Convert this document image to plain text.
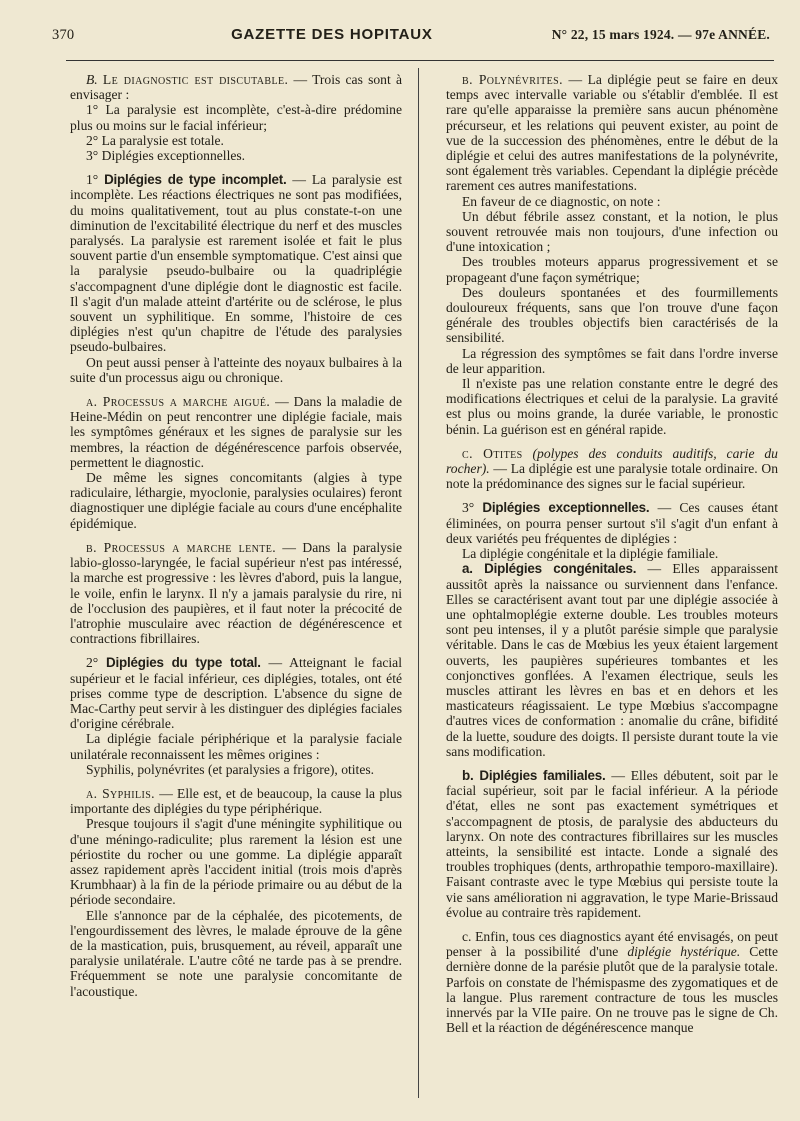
370	GAZETTE DES HOPITAUX	N° 22, 15 mars 1924. — 97e ANNÉE.

B. Le diagnostic est discutable. — Trois cas sont à envisager :

1° La paralysie est incomplète, c'est-à-dire prédomine plus ou moins sur le facial inférieur;

2° La paralysie est totale.

3° Diplégies exceptionnelles.

1° Diplégies de type incomplet. — La paralysie est incomplète. Les réactions électriques ne sont pas modifiées, du moins qualitativement, tout au plus constate-t-on une diminution de l'excitabilité électrique du nerf et des muscles paralysés. La paralysie est rarement isolée et fait le plus souvent partie d'un ensemble symptomatique. C'est ainsi que la paralysie pseudo-bulbaire ou la quadriplégie s'accompagnent d'une diplégie dont le diagnostic est facile. Il s'agit d'un malade atteint d'artérite ou de sclérose, le plus souvent un syphilitique. En somme, l'histoire de ces diplégies n'est qu'un chapitre de l'étude des paralysies pseudo-bulbaires.

On peut aussi penser à l'atteinte des noyaux bulbaires à la suite d'un processus aigu ou chronique.

a. Processus a marche aigué. — Dans la maladie de Heine-Médin on peut rencontrer une diplégie faciale, mais les symptômes généraux et les signes de paralysie sur les membres, la réaction de dégénérescence parfois observée, permettent le diagnostic.

De même les signes concomitants (algies à type radiculaire, léthargie, myoclonie, paralysies oculaires) feront diagnostiquer une diplégie faciale au cours d'une encéphalite épidémique.

b. Processus a marche lente. — Dans la paralysie labio-glosso-laryngée, le facial supérieur n'est pas intéressé, la marche est progressive : les lèvres d'abord, puis la langue, le voile, enfin le larynx. Il n'y a jamais paralysie du rire, ni de l'occlusion des paupières, et il faut noter la précocité de l'atrophie musculaire avec réaction de dégénérescence et contractions fibrillaires.

2° Diplégies du type total. — Atteignant le facial supérieur et le facial inférieur, ces diplégies, totales, ont été prises comme type de description. L'absence du signe de Mac-Carthy peut servir à les distinguer des diplégies faciales d'origine cérébrale.

La diplégie faciale périphérique et la paralysie faciale unilatérale reconnaissent les mêmes origines :

Syphilis, polynévrites (et paralysies a frigore), otites.

a. Syphilis. — Elle est, et de beaucoup, la cause la plus importante des diplégies du type périphérique.

Presque toujours il s'agit d'une méningite syphilitique ou d'une méningo-radiculite; plus rarement la lésion est une périostite du rocher ou une gomme. La diplégie apparaît assez rapidement après l'accident initial (trois mois d'après Krumbhaar) à la fin de la période primaire ou au début de la période secondaire.

Elle s'annonce par de la céphalée, des picotements, de l'engourdissement des lèvres, le malade éprouve de la gêne de la mastication, puis, brusquement, au réveil, apparaît une paralysie unilatérale. L'autre côté ne tarde pas à se prendre. Fréquemment se note une paralysie concomitante de l'acoustique.

b. Polynévrites. — La diplégie peut se faire en deux temps avec intervalle variable ou s'établir d'emblée. Il est rare qu'elle apparaisse la première sans aucun phénomène précurseur, et les relations qui peuvent exister, au point de vue de la succession des phénomènes, entre le début de la diplégie et celui des autres manifestations de la polynévrite, sont également très variables. Cependant la diplégie précède rarement ces autres manifestations.

En faveur de ce diagnostic, on note :

Un début fébrile assez constant, et la notion, le plus souvent retrouvée mais non toujours, d'une infection ou d'une intoxication ;

Des troubles moteurs apparus progressivement et se propageant d'une façon symétrique;

Des douleurs spontanées et des fourmillements douloureux fréquents, sans que l'on trouve d'une façon générale des troubles objectifs bien caractérisés de la sensibilité.

La régression des symptômes se fait dans l'ordre inverse de leur apparition.

Il n'existe pas une relation constante entre le degré des modifications électriques et celui de la paralysie. La gravité est plus ou moins grande, la durée variable, le pronostic bénin. La guérison est en général rapide.

c. Otites (polypes des conduits auditifs, carie du rocher). — La diplégie est une paralysie totale ordinaire. On note la prédominance des signes sur le facial supérieur.

3° Diplégies exceptionnelles. — Ces causes étant éliminées, on pourra penser surtout s'il s'agit d'un enfant à deux variétés peu fréquentes de diplégies :

La diplégie congénitale et la diplégie familiale.

a. Diplégies congénitales. — Elles apparaissent aussitôt après la naissance ou surviennent dans l'enfance. Elles se caractérisent avant tout par une diplégie associée à une ophtalmoplégie externe double. Les troubles moteurs sont peu intenses, il y a plutôt parésie simple que paralysie véritable. Dans le cas de Mœbius les yeux étaient largement ouverts, les paupières supérieures tombantes et les conjonctives gonflées. A l'examen électrique, seuls les muscles attirant les lèvres en bas et en dehors et les masticateurs réagissaient. Le type Mœbius s'accompagne d'autres vices de conformation : anomalie du crâne, bifidité de la luette, soudure des doigts. Il persiste durant toute la vie sans modification.

b. Diplégies familiales. — Elles débutent, soit par le facial supérieur, soit par le facial inférieur. A la période d'état, elles ne sont pas exactement symétriques et s'accompagnent de ptosis, de paralysie des abducteurs du larynx. On note des contractures fibrillaires sur les muscles atteints, la sensibilité est intacte. Londe a signalé des troubles trophiques (dents, arthropathie temporo-maxillaire). Faisant contraste avec le type Mœbius qui persiste toute la vie sans amélioration ni aggravation, le type Marie-Brissaud évolue au contraire très rapidement.

c. Enfin, tous ces diagnostics ayant été envisagés, on peut penser à la possibilité d'une diplégie hystérique. Cette dernière donne de la parésie plutôt que de la paralysie totale. Parfois on constate de l'hémispasme des zygomatiques et de la langue. Plus rarement contracture de tous les muscles innervés par la VIIe paire. On ne trouve pas le signe de Ch. Bell et la réaction de dégénérescence manque
